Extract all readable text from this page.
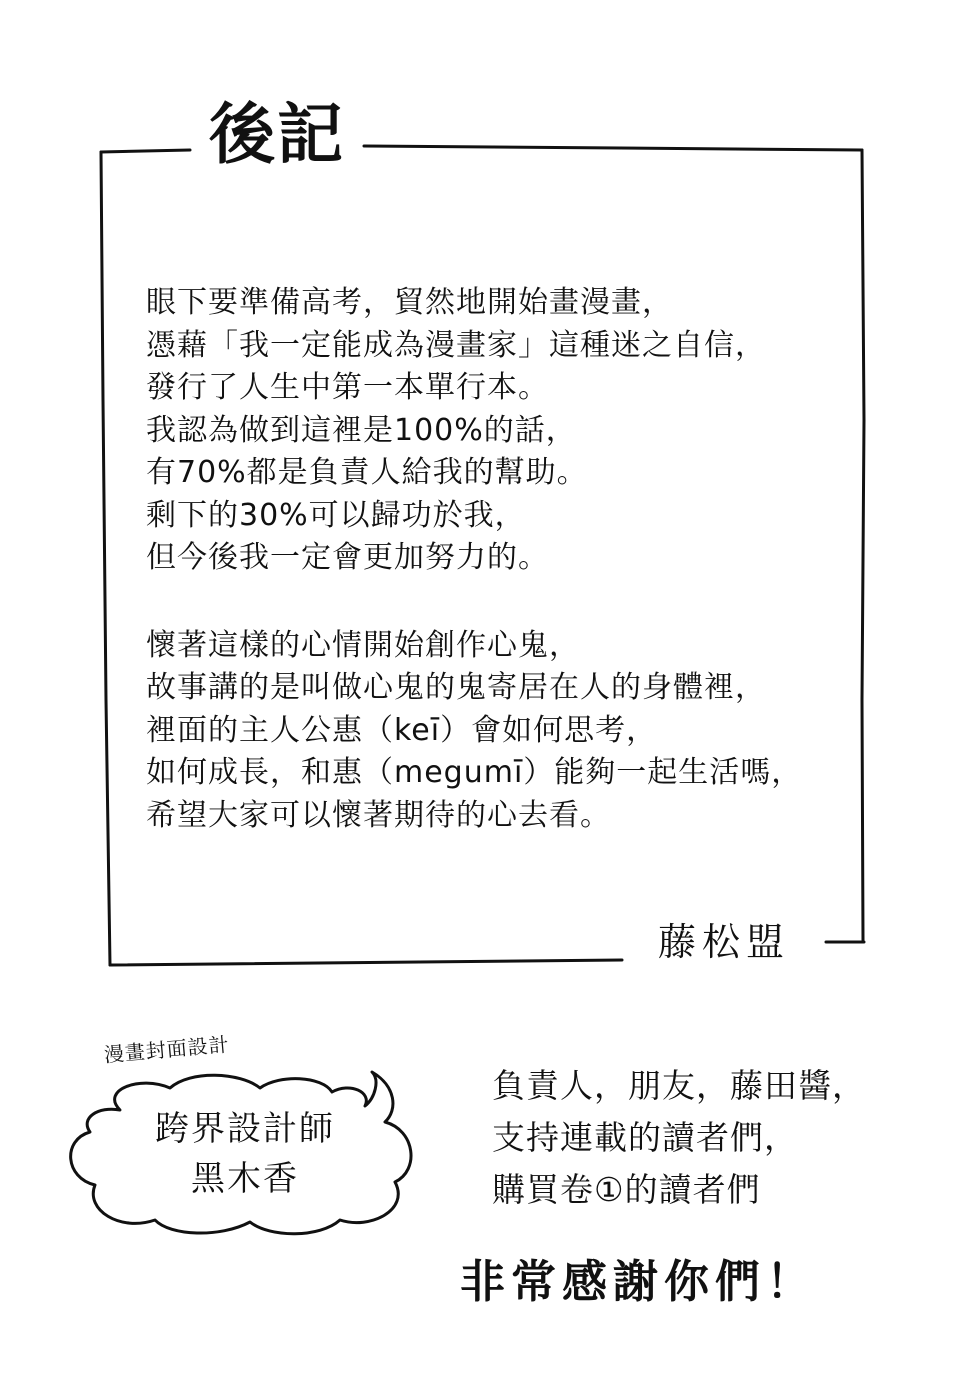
後記
眼下要準備高考，貿然地開始畫漫畫，
憑藉「我一定能成為漫畫家」這種迷之自信，
發行了人生中第一本單行本。
我認為做到這裡是100%的話，
有70%都是負責人給我的幫助。
剩下的30%可以歸功於我，
但今後我一定會更加努力的。
懷著這樣的心情開始創作心鬼，
故事講的是叫做心鬼的鬼寄居在人的身體裡，
裡面的主人公惠（keī）會如何思考，
如何成長，和惠（megumī）能夠一起生活嗎，
希望大家可以懷著期待的心去看。
藤松盟
漫畫封面設計
跨界設計師
黑木香
負責人，朋友，藤田醬，
支持連載的讀者們，
購買卷①的讀者們
非常感謝你們！
